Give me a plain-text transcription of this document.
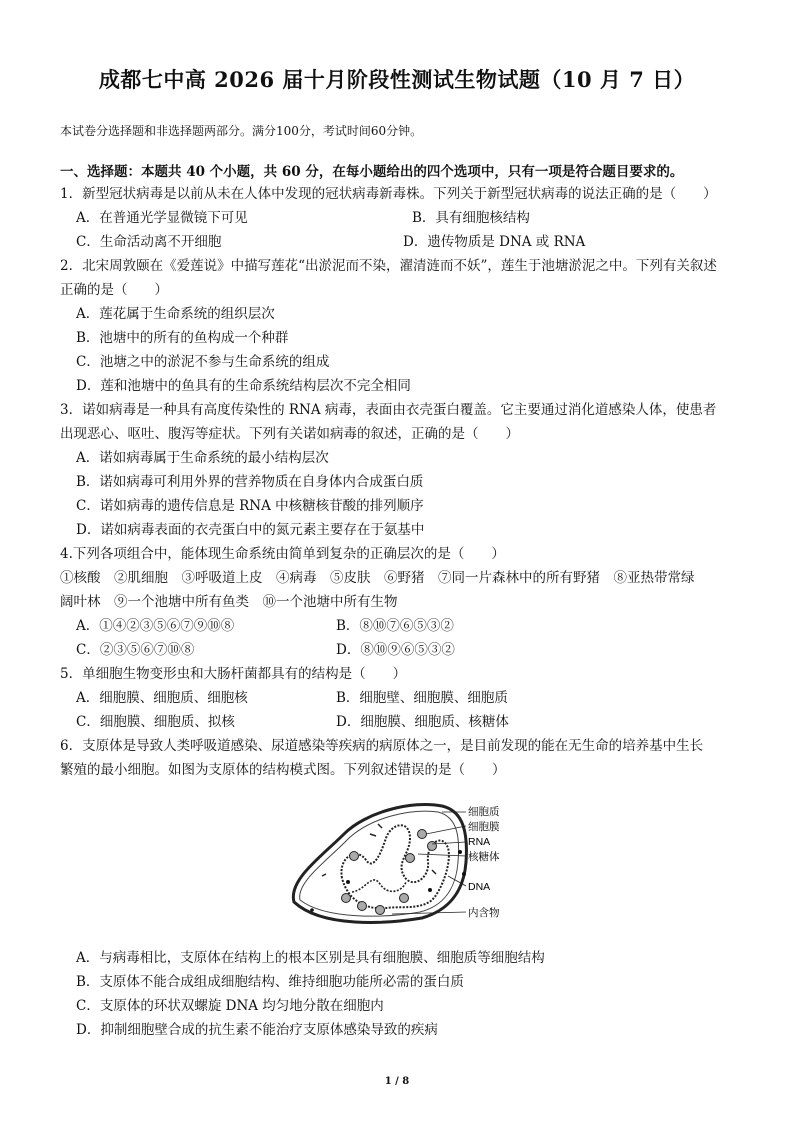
成都七中高 2026 届十月阶段性测试生物试题（10 月 7 日）
本试卷分选择题和非选择题两部分。满分100分，考试时间60分钟。
一、选择题：本题共 40 个小题，共 60 分，在每小题给出的四个选项中，只有一项是符合题目要求的。
1．新型冠状病毒是以前从未在人体中发现的冠状病毒新毒株。下列关于新型冠状病毒的说法正确的是（　　）
A．在普通光学显微镜下可见	B．具有细胞核结构
C．生命活动离不开细胞	D．遗传物质是 DNA 或 RNA
2．北宋周敦颐在《爱莲说》中描写莲花“出淤泥而不染，濯清涟而不妖”，莲生于池塘淤泥之中。下列有关叙述
正确的是（　　）
A．莲花属于生命系统的组织层次
B．池塘中的所有的鱼构成一个种群
C．池塘之中的淤泥不参与生命系统的组成
D．莲和池塘中的鱼具有的生命系统结构层次不完全相同
3．诺如病毒是一种具有高度传染性的 RNA 病毒，表面由衣壳蛋白覆盖。它主要通过消化道感染人体，使患者
出现恶心、呕吐、腹泻等症状。下列有关诺如病毒的叙述，正确的是（　　）
A．诺如病毒属于生命系统的最小结构层次
B．诺如病毒可利用外界的营养物质在自身体内合成蛋白质
C．诺如病毒的遗传信息是 RNA 中核糖核苷酸的排列顺序
D．诺如病毒表面的衣壳蛋白中的氮元素主要存在于氨基中
4.下列各项组合中，能体现生命系统由简单到复杂的正确层次的是（　　）
①核酸　②肌细胞　③呼吸道上皮　④病毒　⑤皮肤　⑥野猪　⑦同一片森林中的所有野猪　⑧亚热带常绿
阔叶林　⑨一个池塘中所有鱼类　⑩一个池塘中所有生物
A．①④②③⑤⑥⑦⑨⑩⑧	B．⑧⑩⑦⑥⑤③②
C．②③⑤⑥⑦⑩⑧	D．⑧⑩⑨⑥⑤③②
5．单细胞生物变形虫和大肠杆菌都具有的结构是（　　）
A．细胞膜、细胞质、细胞核	B．细胞壁、细胞膜、细胞质
C．细胞膜、细胞质、拟核	D．细胞膜、细胞质、核糖体
6．支原体是导致人类呼吸道感染、尿道感染等疾病的病原体之一，是目前发现的能在无生命的培养基中生长
繁殖的最小细胞。如图为支原体的结构模式图。下列叙述错误的是（　　）
细胞质
细胞膜
RNA
核糖体
DNA
内含物
A．与病毒相比，支原体在结构上的根本区别是具有细胞膜、细胞质等细胞结构
B．支原体不能合成组成细胞结构、维持细胞功能所必需的蛋白质
C．支原体的环状双螺旋 DNA 均匀地分散在细胞内
D．抑制细胞壁合成的抗生素不能治疗支原体感染导致的疾病
1 / 8
